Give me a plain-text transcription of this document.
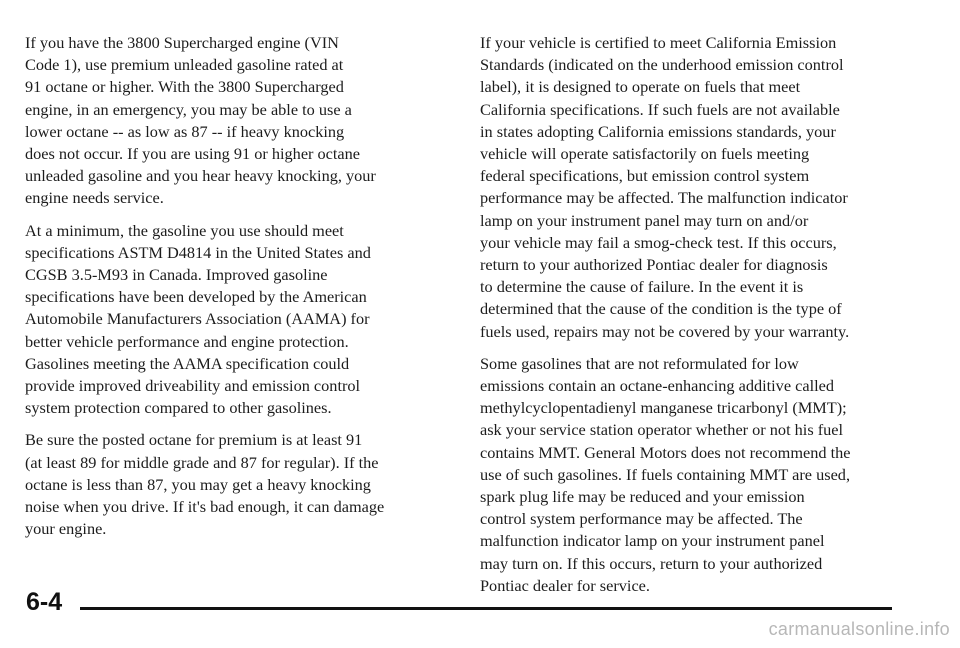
If you have the 3800 Supercharged engine (VIN
Code 1), use premium unleaded gasoline rated at
91 octane or higher. With the 3800 Supercharged
engine, in an emergency, you may be able to use a
lower octane -- as low as 87 -- if heavy knocking
does not occur. If you are using 91 or higher octane
unleaded gasoline and you hear heavy knocking, your
engine needs service.

At a minimum, the gasoline you use should meet
specifications ASTM D4814 in the United States and
CGSB 3.5-M93 in Canada. Improved gasoline
specifications have been developed by the American
Automobile Manufacturers Association (AAMA) for
better vehicle performance and engine protection.
Gasolines meeting the AAMA specification could
provide improved driveability and emission control
system protection compared to other gasolines.

Be sure the posted octane for premium is at least 91
(at least 89 for middle grade and 87 for regular). If the
octane is less than 87, you may get a heavy knocking
noise when you drive. If it's bad enough, it can damage
your engine.

If your vehicle is certified to meet California Emission
Standards (indicated on the underhood emission control
label), it is designed to operate on fuels that meet
California specifications. If such fuels are not available
in states adopting California emissions standards, your
vehicle will operate satisfactorily on fuels meeting
federal specifications, but emission control system
performance may be affected. The malfunction indicator
lamp on your instrument panel may turn on and/or
your vehicle may fail a smog-check test. If this occurs,
return to your authorized Pontiac dealer for diagnosis
to determine the cause of failure. In the event it is
determined that the cause of the condition is the type of
fuels used, repairs may not be covered by your warranty.

Some gasolines that are not reformulated for low
emissions contain an octane-enhancing additive called
methylcyclopentadienyl manganese tricarbonyl (MMT);
ask your service station operator whether or not his fuel
contains MMT. General Motors does not recommend the
use of such gasolines. If fuels containing MMT are used,
spark plug life may be reduced and your emission
control system performance may be affected. The
malfunction indicator lamp on your instrument panel
may turn on. If this occurs, return to your authorized
Pontiac dealer for service.

6-4
carmanualsonline.info
